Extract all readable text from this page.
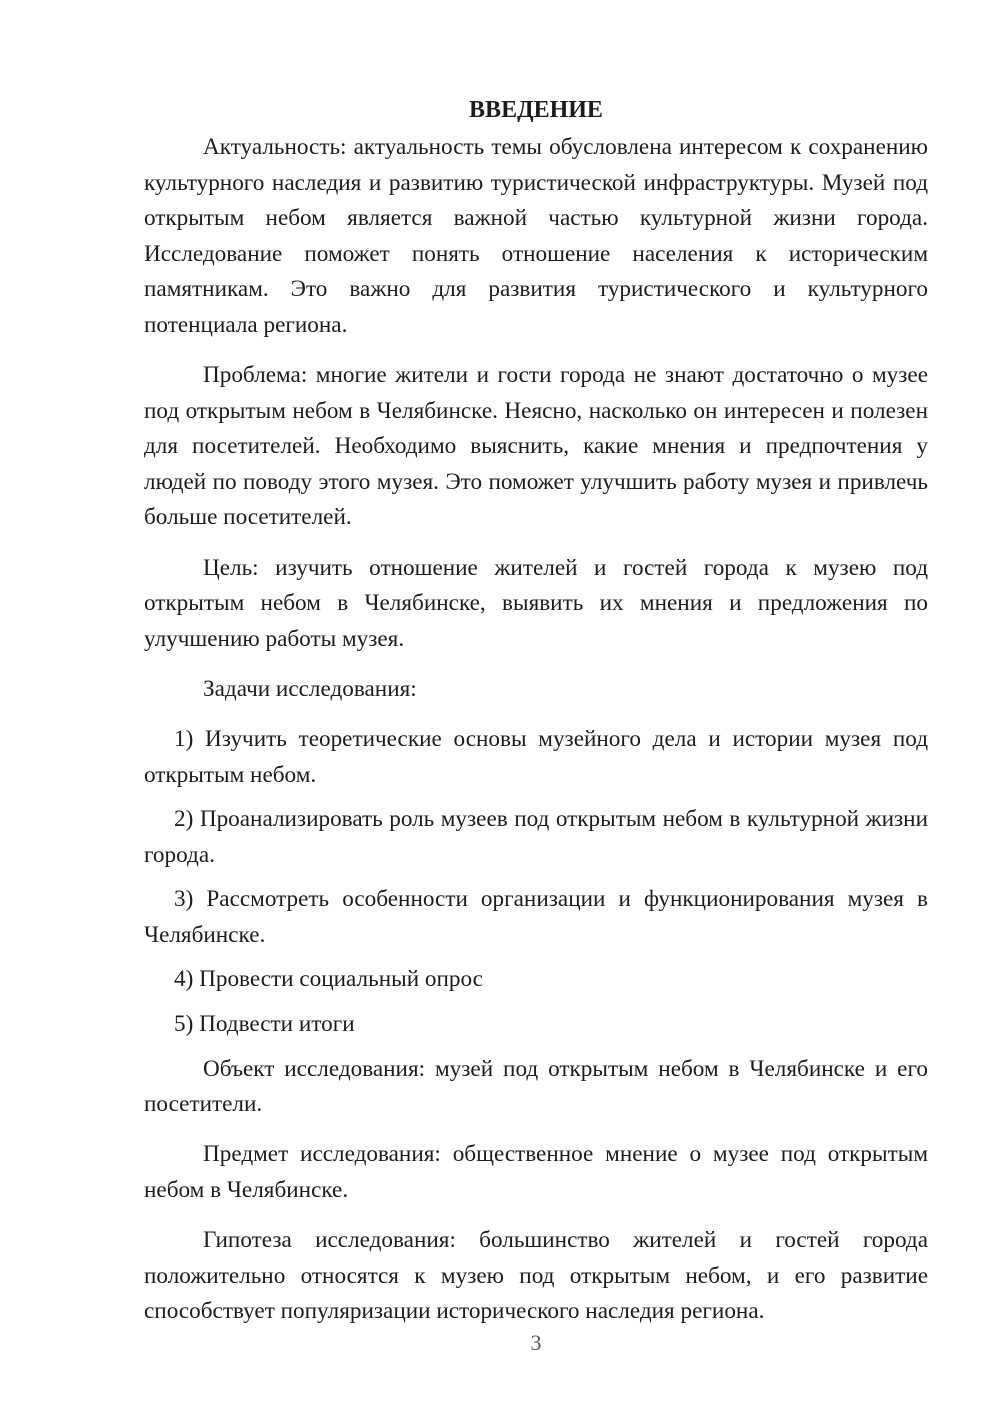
ВВЕДЕНИЕ

Актуальность: актуальность темы обусловлена интересом к сохранению культурного наследия и развитию туристической инфраструктуры. Музей под открытым небом является важной частью культурной жизни города. Исследование поможет понять отношение населения к историческим памятникам. Это важно для развития туристического и культурного потенциала региона.

Проблема: многие жители и гости города не знают достаточно о музее под открытым небом в Челябинске. Неясно, насколько он интересен и полезен для посетителей. Необходимо выяснить, какие мнения и предпочтения у людей по поводу этого музея. Это поможет улучшить работу музея и привлечь больше посетителей.

Цель: изучить отношение жителей и гостей города к музею под открытым небом в Челябинске, выявить их мнения и предложения по улучшению работы музея.

Задачи исследования:

1) Изучить теоретические основы музейного дела и истории музея под открытым небом.

2) Проанализировать роль музеев под открытым небом в культурной жизни города.

3) Рассмотреть особенности организации и функционирования музея в Челябинске.

4) Провести социальный опрос

5) Подвести итоги

Объект исследования: музей под открытым небом в Челябинске и его посетители.

Предмет исследования: общественное мнение о музее под открытым небом в Челябинске.

Гипотеза исследования: большинство жителей и гостей города положительно относятся к музею под открытым небом, и его развитие способствует популяризации исторического наследия региона.

3
